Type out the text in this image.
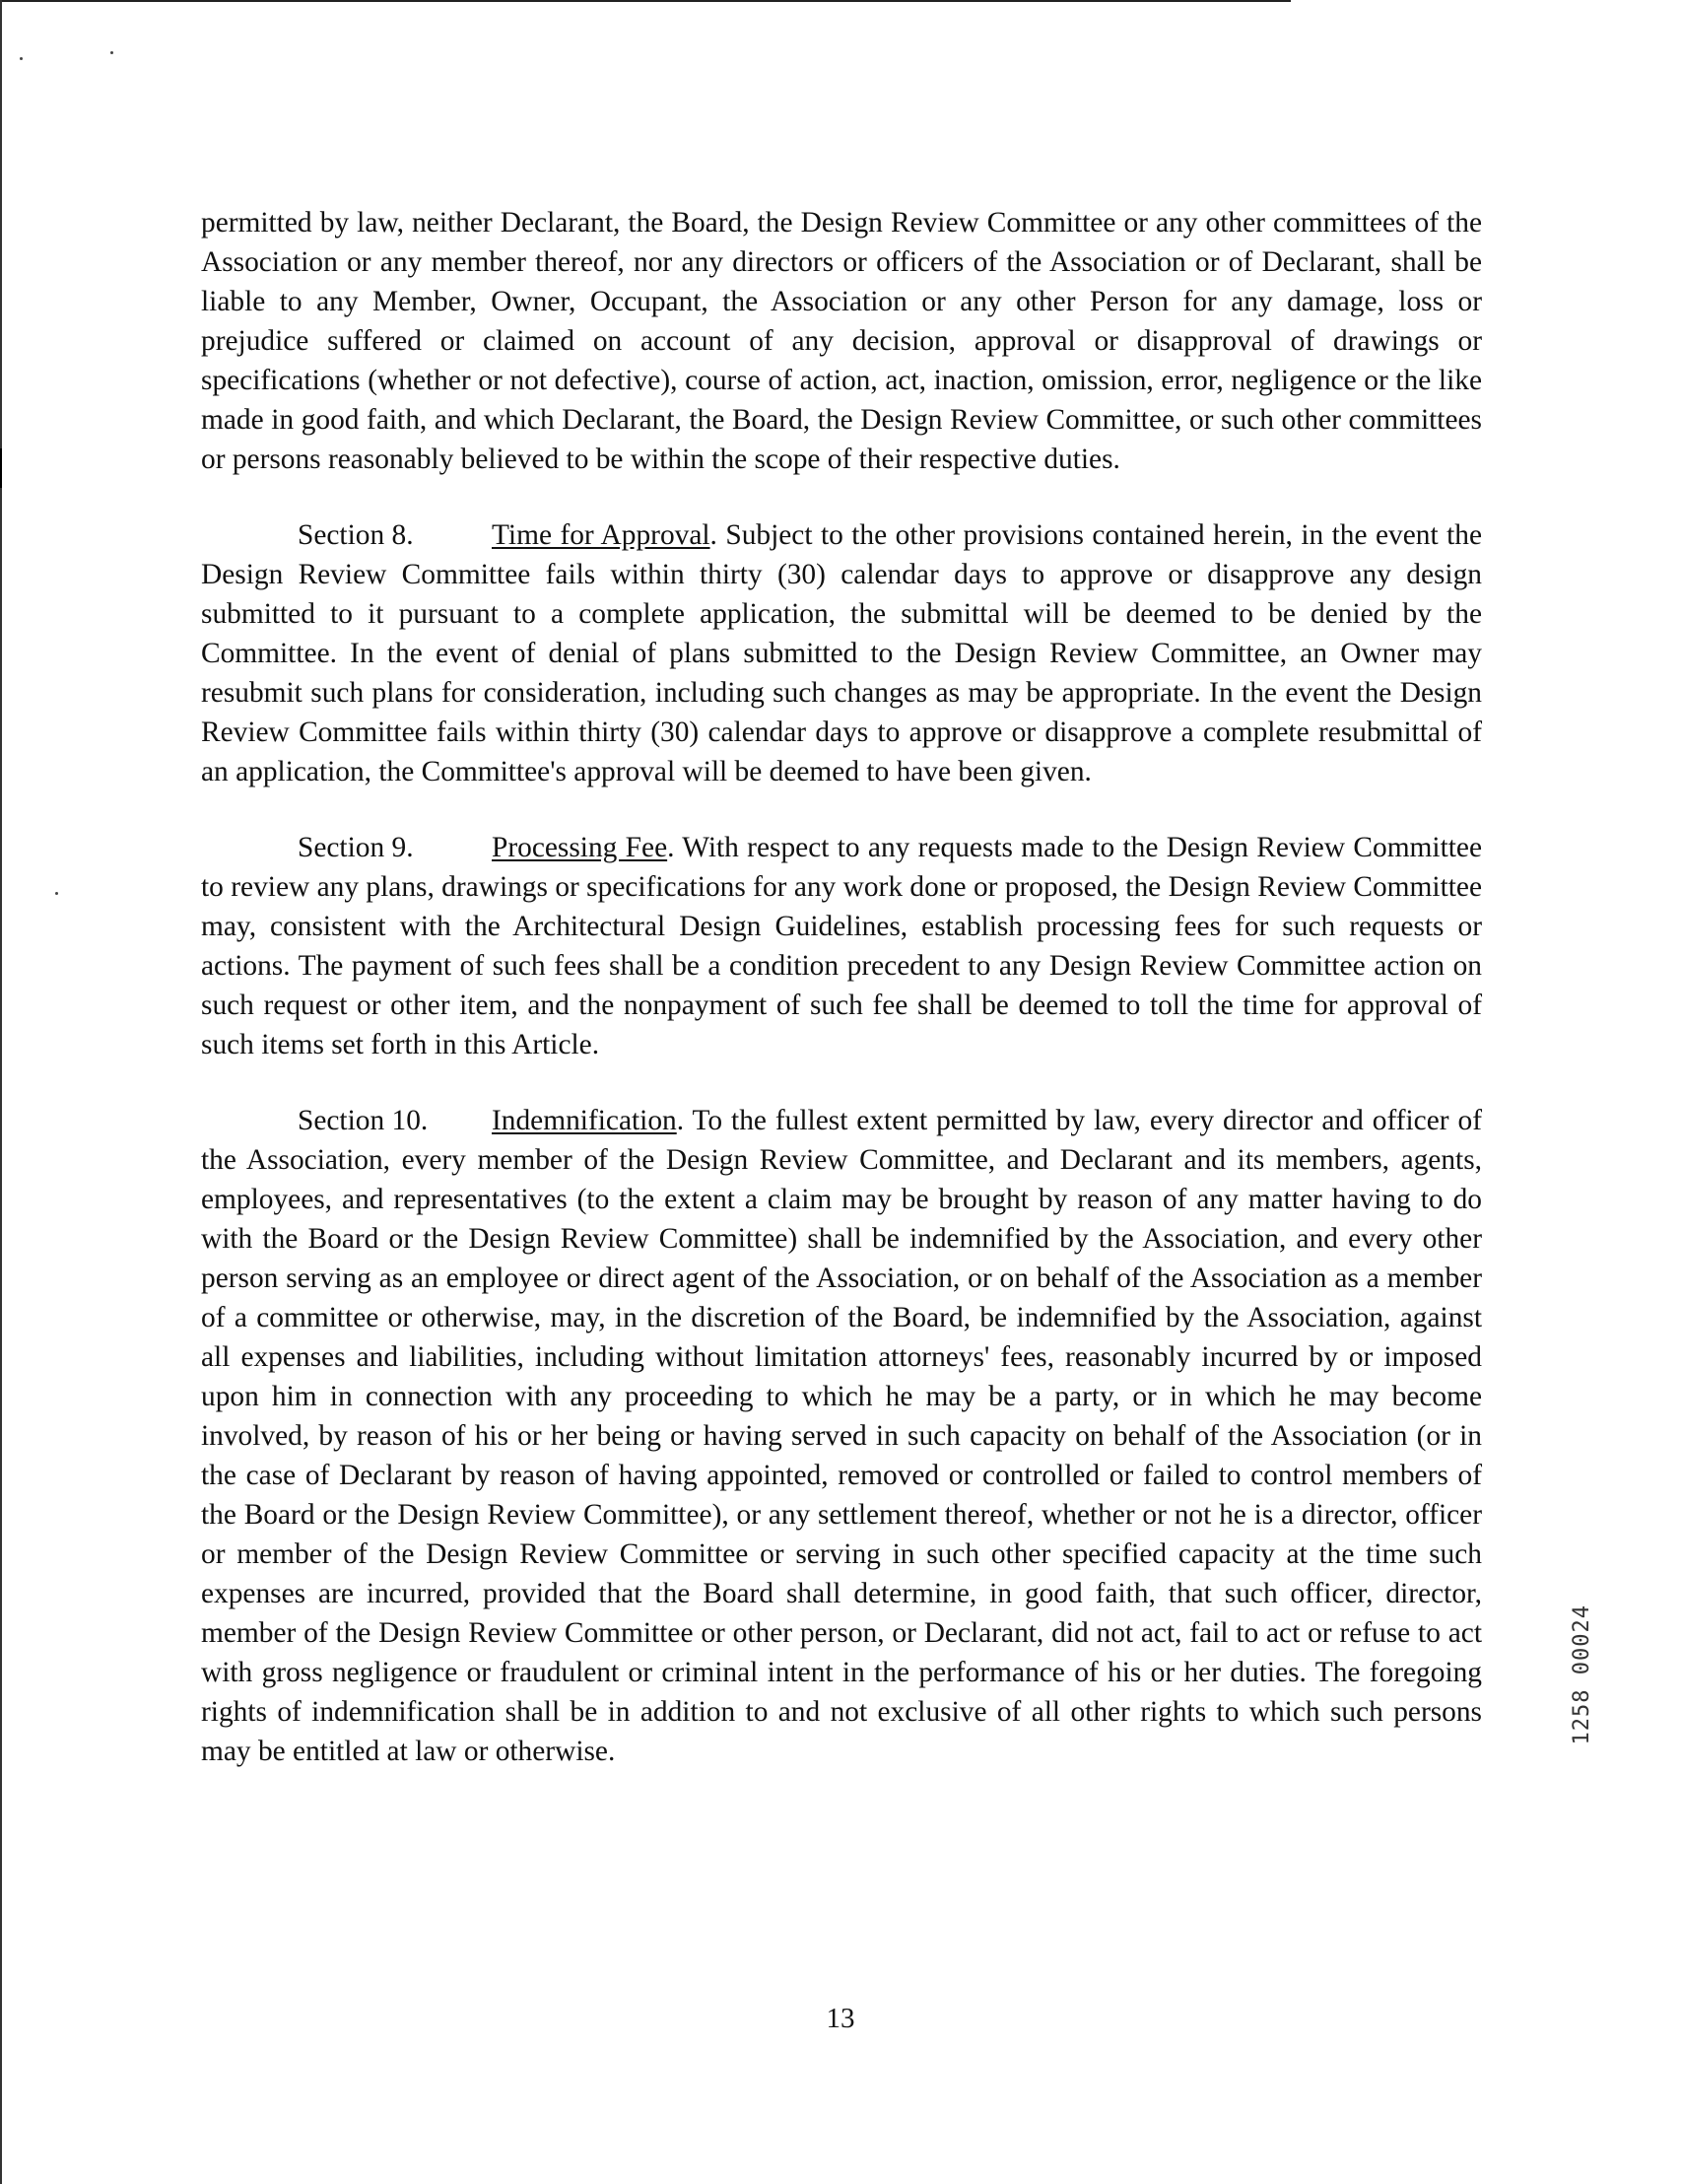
permitted by law, neither Declarant, the Board, the Design Review Committee or any other committees of the Association or any member thereof, nor any directors or officers of the Association or of Declarant, shall be liable to any Member, Owner, Occupant, the Association or any other Person for any damage, loss or prejudice suffered or claimed on account of any decision, approval or disapproval of drawings or specifications (whether or not defective), course of action, act, inaction, omission, error, negligence or the like made in good faith, and which Declarant, the Board, the Design Review Committee, or such other committees or persons reasonably believed to be within the scope of their respective duties.

Section 8.	Time for Approval. Subject to the other provisions contained herein, in the event the Design Review Committee fails within thirty (30) calendar days to approve or disapprove any design submitted to it pursuant to a complete application, the submittal will be deemed to be denied by the Committee. In the event of denial of plans submitted to the Design Review Committee, an Owner may resubmit such plans for consideration, including such changes as may be appropriate. In the event the Design Review Committee fails within thirty (30) calendar days to approve or disapprove a complete resubmittal of an application, the Committee's approval will be deemed to have been given.

Section 9.	Processing Fee. With respect to any requests made to the Design Review Committee to review any plans, drawings or specifications for any work done or proposed, the Design Review Committee may, consistent with the Architectural Design Guidelines, establish processing fees for such requests or actions. The payment of such fees shall be a condition precedent to any Design Review Committee action on such request or other item, and the nonpayment of such fee shall be deemed to toll the time for approval of such items set forth in this Article.

Section 10. Indemnification. To the fullest extent permitted by law, every director and officer of the Association, every member of the Design Review Committee, and Declarant and its members, agents, employees, and representatives (to the extent a claim may be brought by reason of any matter having to do with the Board or the Design Review Committee) shall be indemnified by the Association, and every other person serving as an employee or direct agent of the Association, or on behalf of the Association as a member of a committee or otherwise, may, in the discretion of the Board, be indemnified by the Association, against all expenses and liabilities, including without limitation attorneys' fees, reasonably incurred by or imposed upon him in connection with any proceeding to which he may be a party, or in which he may become involved, by reason of his or her being or having served in such capacity on behalf of the Association (or in the case of Declarant by reason of having appointed, removed or controlled or failed to control members of the Board or the Design Review Committee), or any settlement thereof, whether or not he is a director, officer or member of the Design Review Committee or serving in such other specified capacity at the time such expenses are incurred, provided that the Board shall determine, in good faith, that such officer, director, member of the Design Review Committee or other person, or Declarant, did not act, fail to act or refuse to act with gross negligence or fraudulent or criminal intent in the performance of his or her duties. The foregoing rights of indemnification shall be in addition to and not exclusive of all other rights to which such persons may be entitled at law or otherwise.

13
1258 00024
